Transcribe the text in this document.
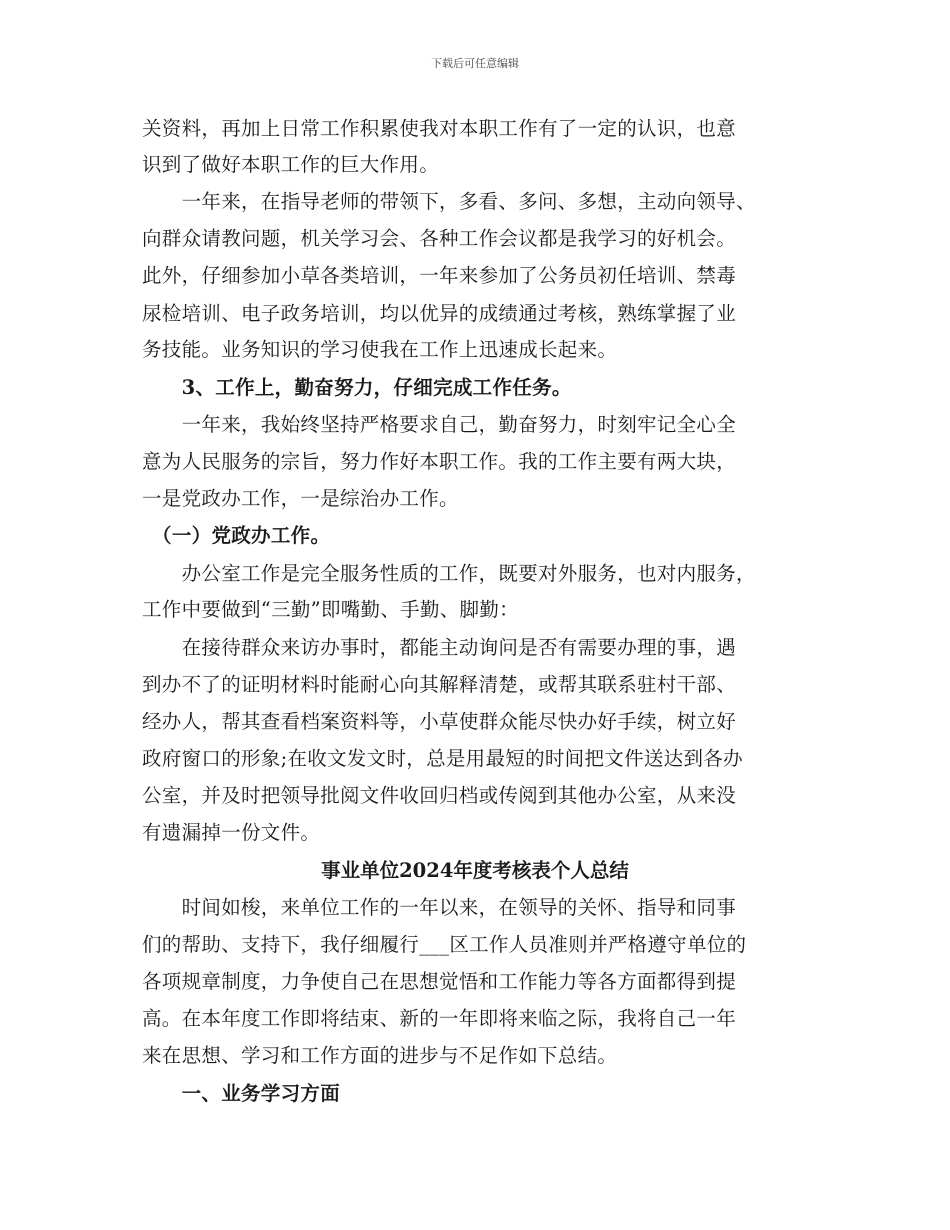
下载后可任意编辑
关资料，再加上日常工作积累使我对本职工作有了一定的认识，也意
识到了做好本职工作的巨大作用。
　　一年来，在指导老师的带领下，多看、多问、多想，主动向领导、
向群众请教问题，机关学习会、各种工作会议都是我学习的好机会。
此外，仔细参加小草各类培训，一年来参加了公务员初任培训、禁毒
尿检培训、电子政务培训，均以优异的成绩通过考核，熟练掌握了业
务技能。业务知识的学习使我在工作上迅速成长起来。
　　3、工作上，勤奋努力，仔细完成工作任务。
　　一年来，我始终坚持严格要求自己，勤奋努力，时刻牢记全心全
意为人民服务的宗旨，努力作好本职工作。我的工作主要有两大块，
一是党政办工作，一是综治办工作。
　（一）党政办工作。
　　办公室工作是完全服务性质的工作，既要对外服务，也对内服务，
工作中要做到“三勤”即嘴勤、手勤、脚勤：
　　在接待群众来访办事时，都能主动询问是否有需要办理的事，遇
到办不了的证明材料时能耐心向其解释清楚，或帮其联系驻村干部、
经办人，帮其查看档案资料等，小草使群众能尽快办好手续，树立好
政府窗口的形象;在收文发文时，总是用最短的时间把文件送达到各办
公室，并及时把领导批阅文件收回归档或传阅到其他办公室，从来没
有遗漏掉一份文件。
事业单位2024年度考核表个人总结
　　时间如梭，来单位工作的一年以来，在领导的关怀、指导和同事
们的帮助、支持下，我仔细履行___区工作人员准则并严格遵守单位的
各项规章制度，力争使自己在思想觉悟和工作能力等各方面都得到提
高。在本年度工作即将结束、新的一年即将来临之际，我将自己一年
来在思想、学习和工作方面的进步与不足作如下总结。
　　一、业务学习方面
